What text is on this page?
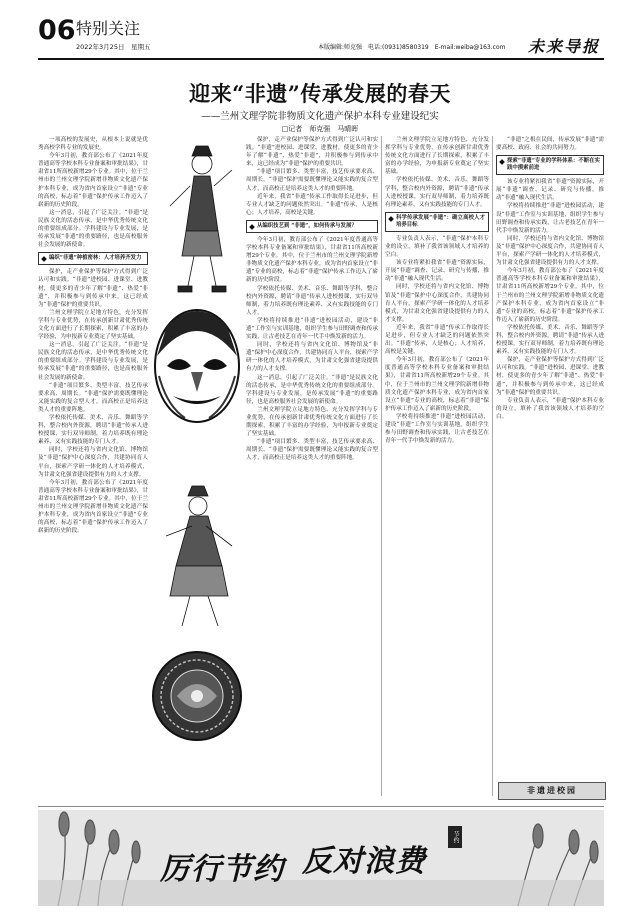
06 特别关注
2022年3月25日　星期五	本版编辑:师克强　电话:(0931)8580319　E-mail:weiba@163.com 未来导报
迎来“非遗”传承发展的春天
——兰州文理学院非物质文化遗产保护本科专业建设纪实
□记者　师克强　马晴晖

一项高校的发展史，从根本上说就是优秀高校学科专业的发展史。

今年3月初，教育部公布了《2021年度普通高等学校本科专业备案和审批结果》，甘肃省11所高校新增29个专业。其中，位于兰州市的兰州文理学院新增非物质文化遗产保护本科专业，成为省内首家设立“非遗”专业的高校，标志着“非遗”保护传承工作迈入了崭新的历史阶段。

这一消息，引起了广泛关注。“非遗”是民族文化的活态传承，是中华优秀传统文化的重要组成部分。学科建设与专业发展，是传承发展“非遗”的重要路径，也是高校服务社会发展的新使命。

编织“非遗”种植密林：人才培养齐发力

保护，走产业保护等保护方式得到广泛认可和实践。“非遗”进校园、进课堂、进教材，使更多的青少年了解“非遗”、热爱“非遗”，并积极参与到传承中来，这已经成为“非遗”保护的重要共识。

兰州文理学院立足地方特色，充分发挥学科与专业优势，在传承创新甘肃优秀传统文化方面进行了长期探索，积累了丰富的办学经验，为申报新专业奠定了坚实基础。

这一消息，引起了广泛关注。“非遗”是民族文化的活态传承，是中华优秀传统文化的重要组成部分。学科建设与专业发展，是传承发展“非遗”的重要路径，也是高校服务社会发展的新使命。

“非遗”项目繁多、类型丰富，技艺传承要求高、周期长。“非遗”保护需要既懂理论又能实践的复合型人才，而高校正是培养这类人才的重要阵地。

学校依托传媒、美术、音乐、舞蹈等学科，整合校内外资源，聘请“非遗”传承人进校授课，实行双导师制，着力培养既有理论素养、又有实践技能的专门人才。

同时，学校还将与省内文化馆、博物馆及“非遗”保护中心深度合作，共建协同育人平台，探索产学研一体化的人才培养模式，为甘肃文化强省建设提供有力的人才支撑。

今年3月初，教育部公布了《2021年度普通高等学校本科专业备案和审批结果》，甘肃省11所高校新增29个专业。其中，位于兰州市的兰州文理学院新增非物质文化遗产保护本科专业，成为省内首家设立“非遗”专业的高校，标志着“非遗”保护传承工作迈入了崭新的历史阶段。

保护，走产业保护等保护方式得到广泛认可和实践。“非遗”进校园、进课堂、进教材，使更多的青少年了解“非遗”、热爱“非遗”，并积极参与到传承中来，这已经成为“非遗”保护的重要共识。

“非遗”项目繁多、类型丰富，技艺传承要求高、周期长。“非遗”保护需要既懂理论又能实践的复合型人才，而高校正是培养这类人才的重要阵地。

近年来，我省“非遗”传承工作取得长足进步，但专业人才缺乏的问题依然突出。“非遗”传承，人是核心；人才培养，高校是关键。

从编织技艺到 “非遗”，如何传承与发展？

今年3月初，教育部公布了《2021年度普通高等学校本科专业备案和审批结果》，甘肃省11所高校新增29个专业。其中，位于兰州市的兰州文理学院新增非物质文化遗产保护本科专业，成为省内首家设立“非遗”专业的高校，标志着“非遗”保护传承工作迈入了崭新的历史阶段。

学校依托传媒、美术、音乐、舞蹈等学科，整合校内外资源，聘请“非遗”传承人进校授课，实行双导师制，着力培养既有理论素养、又有实践技能的专门人才。

学校将持续推进“非遗”进校园活动，建设“非遗”工作室与实训基地，组织学生参与田野调查和传承实践，让古老技艺在青年一代手中焕发新的活力。

同时，学校还将与省内文化馆、博物馆及“非遗”保护中心深度合作，共建协同育人平台，探索产学研一体化的人才培养模式，为甘肃文化强省建设提供有力的人才支撑。

这一消息，引起了广泛关注。“非遗”是民族文化的活态传承，是中华优秀传统文化的重要组成部分。学科建设与专业发展，是传承发展“非遗”的重要路径，也是高校服务社会发展的新使命。

兰州文理学院立足地方特色，充分发挥学科与专业优势，在传承创新甘肃优秀传统文化方面进行了长期探索，积累了丰富的办学经验，为申报新专业奠定了坚实基础。

“非遗”项目繁多、类型丰富，技艺传承要求高、周期长。“非遗”保护需要既懂理论又能实践的复合型人才，而高校正是培养这类人才的重要阵地。

兰州文理学院立足地方特色，充分发挥学科与专业优势，在传承创新甘肃优秀传统文化方面进行了长期探索，积累了丰富的办学经验，为申报新专业奠定了坚实基础。

学校依托传媒、美术、音乐、舞蹈等学科，整合校内外资源，聘请“非遗”传承人进校授课，实行双导师制，着力培养既有理论素养、又有实践技能的专门人才。

科学传承发展“非遗”：确立高校人才培养目标

专业负责人表示，“非遗”保护本科专业的设立，填补了我省该领域人才培养的空白。

该专业将紧扣我省“非遗”资源实际，开展“非遗”调查、记录、研究与传播，推动“非遗”融入现代生活。

同时，学校还将与省内文化馆、博物馆及“非遗”保护中心深度合作，共建协同育人平台，探索产学研一体化的人才培养模式，为甘肃文化强省建设提供有力的人才支撑。

近年来，我省“非遗”传承工作取得长足进步，但专业人才缺乏的问题依然突出。“非遗”传承，人是核心；人才培养，高校是关键。

今年3月初，教育部公布了《2021年度普通高等学校本科专业备案和审批结果》，甘肃省11所高校新增29个专业。其中，位于兰州市的兰州文理学院新增非物质文化遗产保护本科专业，成为省内首家设立“非遗”专业的高校，标志着“非遗”保护传承工作迈入了崭新的历史阶段。

学校将持续推进“非遗”进校园活动，建设“非遗”工作室与实训基地，组织学生参与田野调查和传承实践，让古老技艺在青年一代手中焕发新的活力。

“非遗”之根在民间，传承发展“非遗”需要高校、政府、社会的共同努力。

探索“非遗”专业的学科体系：不断在实践中摸索前进

该专业将紧扣我省“非遗”资源实际，开展“非遗”调查、记录、研究与传播，推动“非遗”融入现代生活。

学校将持续推进“非遗”进校园活动，建设“非遗”工作室与实训基地，组织学生参与田野调查和传承实践，让古老技艺在青年一代手中焕发新的活力。

同时，学校还将与省内文化馆、博物馆及“非遗”保护中心深度合作，共建协同育人平台，探索产学研一体化的人才培养模式，为甘肃文化强省建设提供有力的人才支撑。

今年3月初，教育部公布了《2021年度普通高等学校本科专业备案和审批结果》，甘肃省11所高校新增29个专业。其中，位于兰州市的兰州文理学院新增非物质文化遗产保护本科专业，成为省内首家设立“非遗”专业的高校，标志着“非遗”保护传承工作迈入了崭新的历史阶段。

学校依托传媒、美术、音乐、舞蹈等学科，整合校内外资源，聘请“非遗”传承人进校授课，实行双导师制，着力培养既有理论素养、又有实践技能的专门人才。

保护，走产业保护等保护方式得到广泛认可和实践。“非遗”进校园、进课堂、进教材，使更多的青少年了解“非遗”、热爱“非遗”，并积极参与到传承中来，这已经成为“非遗”保护的重要共识。

专业负责人表示，“非遗”保护本科专业的设立，填补了我省该领域人才培养的空白。

非遗进校园
厉行节约 反对浪费
节约
